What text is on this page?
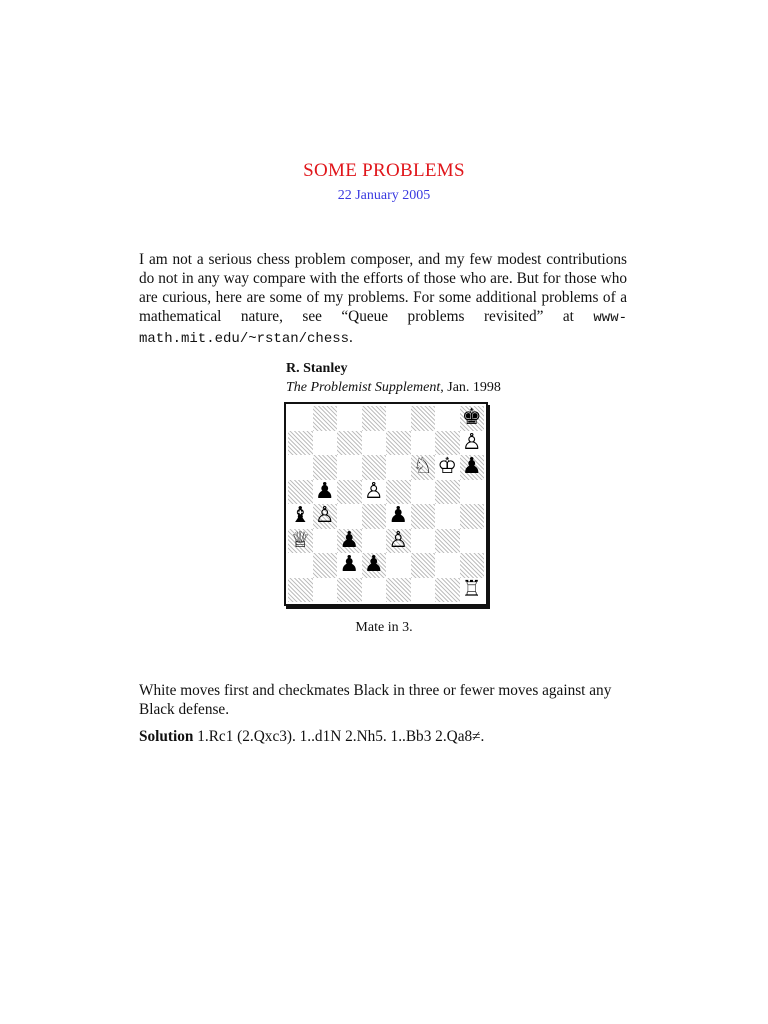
SOME PROBLEMS
22 January 2005

I am not a serious chess problem composer, and my few modest contributions do not in any way compare with the efforts of those who are. But for those who are curious, here are some of my problems. For some additional problems of a mathematical nature, see “Queue problems revisited” at www-math.mit.edu/~rstan/chess.

R. Stanley
The Problemist Supplement, Jan. 1998
♚
♙
♘ ♔ ♟
♟ ♙
♝ ♙ ♟
♕ ♟ ♙
♟ ♟
♖
Mate in 3.

White moves first and checkmates Black in three or fewer moves against any Black defense.

Solution 1.Rc1 (2.Qxc3). 1..d1N 2.Nh5. 1..Bb3 2.Qa8≠.
